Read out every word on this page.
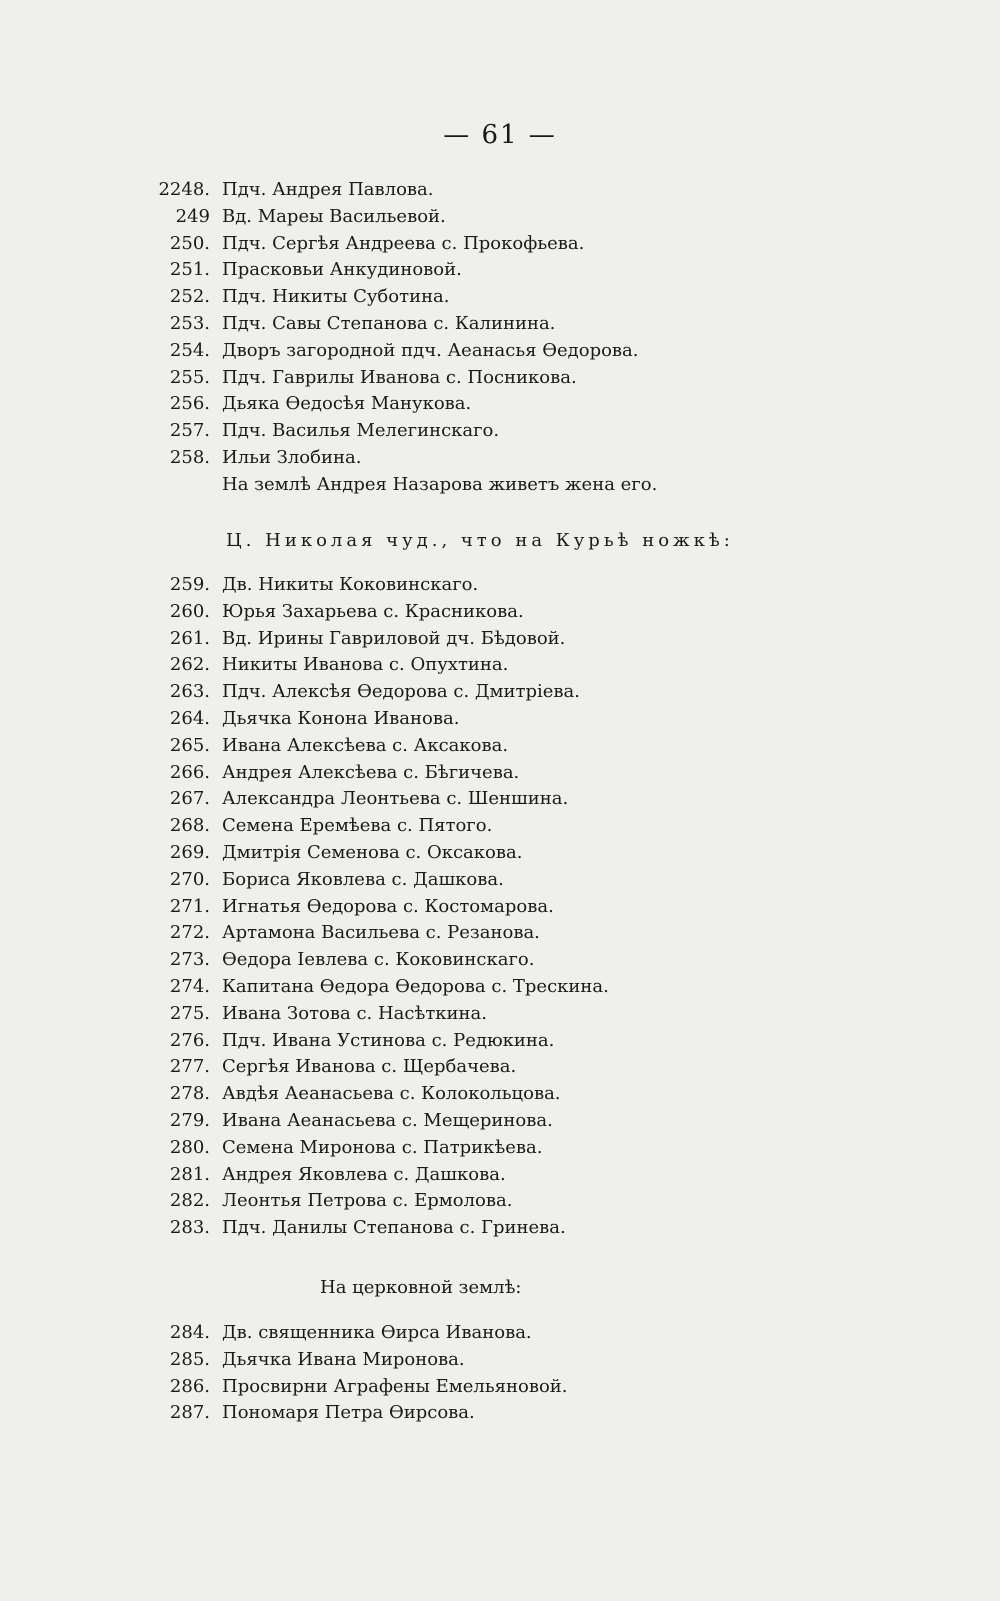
— 61 —
2248. Пдч. Андрея Павлова.
249 Вд. Мареы Васильевой.
250. Пдч. Сергѣя Андреева с. Прокофьева.
251. Прасковьи Анкудиновой.
252. Пдч. Никиты Суботина.
253. Пдч. Савы Степанова с. Калинина.
254. Дворъ загородной пдч. Аеанасья Өедорова.
255. Пдч. Гаврилы Иванова с. Посникова.
256. Дьяка Өедосѣя Манукова.
257. Пдч. Василья Мелегинскаго.
258. Ильи Злобина.
На землѣ Андрея Назарова живетъ жена его.
Ц. Николая чуд., что на Курьѣ ножкѣ:
259. Дв. Никиты Коковинскаго.
260. Юрья Захарьева с. Красникова.
261. Вд. Ирины Гавриловой дч. Бѣдовой.
262. Никиты Иванова с. Опухтина.
263. Пдч. Алексѣя Өедорова с. Дмитріева.
264. Дьячка Конона Иванова.
265. Ивана Алексѣева с. Аксакова.
266. Андрея Алексѣева с. Бѣгичева.
267. Александра Леонтьева с. Шеншина.
268. Семена Еремѣева с. Пятого.
269. Дмитрія Семенова с. Оксакова.
270. Бориса Яковлева с. Дашкова.
271. Игнатья Өедорова с. Костомарова.
272. Артамона Васильева с. Резанова.
273. Өедора Іевлева с. Коковинскаго.
274. Капитана Өедора Өедорова с. Трескина.
275. Ивана Зотова с. Насѣткина.
276. Пдч. Ивана Устинова с. Редюкина.
277. Сергѣя Иванова с. Щербачева.
278. Авдѣя Аеанасьева с. Колокольцова.
279. Ивана Аеанасьева с. Мещеринова.
280. Семена Миронова с. Патрикѣева.
281. Андрея Яковлева с. Дашкова.
282. Леонтья Петрова с. Ермолова.
283. Пдч. Данилы Степанова с. Гринева.
На церковной землѣ:
284. Дв. священника Өирса Иванова.
285. Дьячка Ивана Миронова.
286. Просвирни Аграфены Емельяновой.
287. Пономаря Петра Өирсова.
